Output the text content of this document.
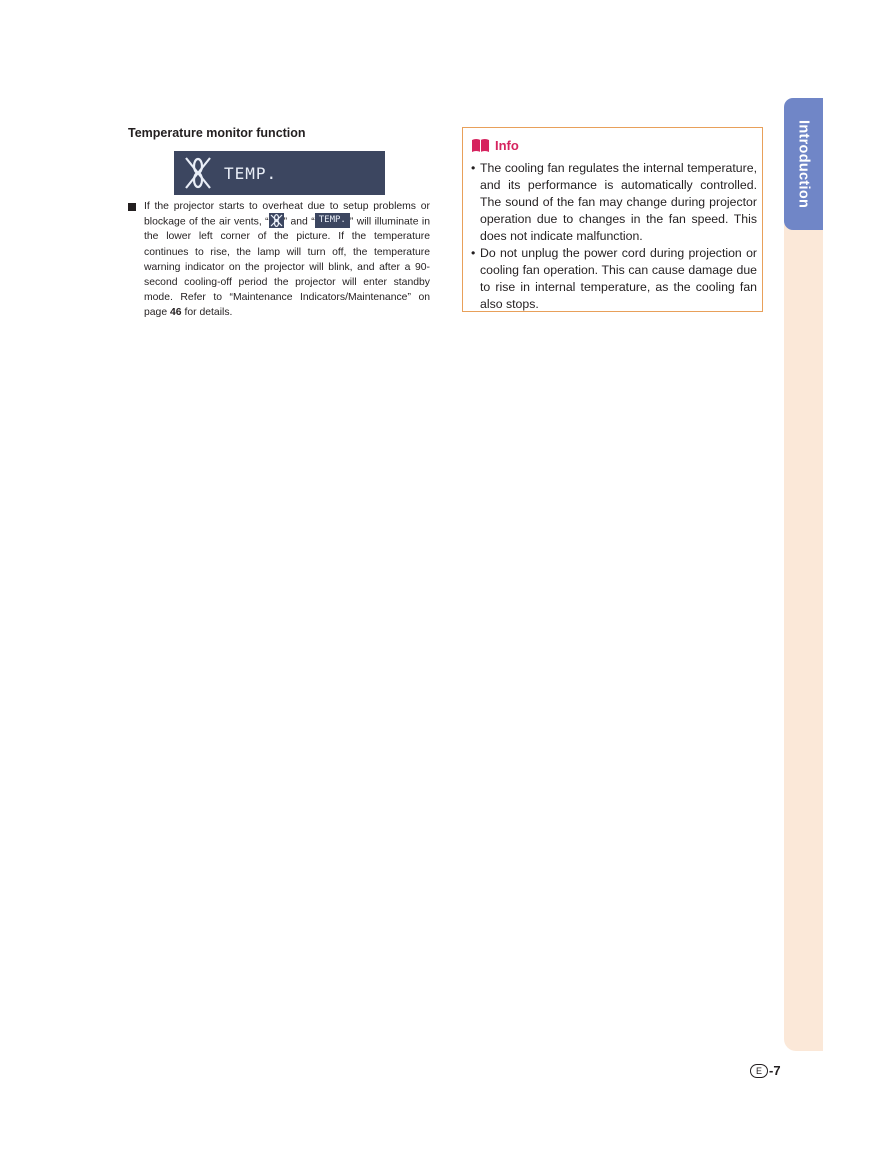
Temperature monitor function
TEMP.
If the projector starts to overheat due to setup problems or blockage of the air vents, “ ” and “ TEMP. ” will illuminate in the lower left corner of the picture. If the temperature continues to rise, the lamp will turn off, the temperature warning indicator on the projector will blink, and after a 90-second cooling-off period the projector will enter standby mode. Refer to “Maintenance Indicators/Maintenance” on page 46 for details.
Info
• The cooling fan regulates the internal temperature, and its performance is automatically controlled. The sound of the fan may change during projector operation due to changes in the fan speed. This does not indicate malfunction.
• Do not unplug the power cord during projection or cooling fan operation. This can cause damage due to rise in internal temperature, as the cooling fan also stops.
Introduction
E -7
